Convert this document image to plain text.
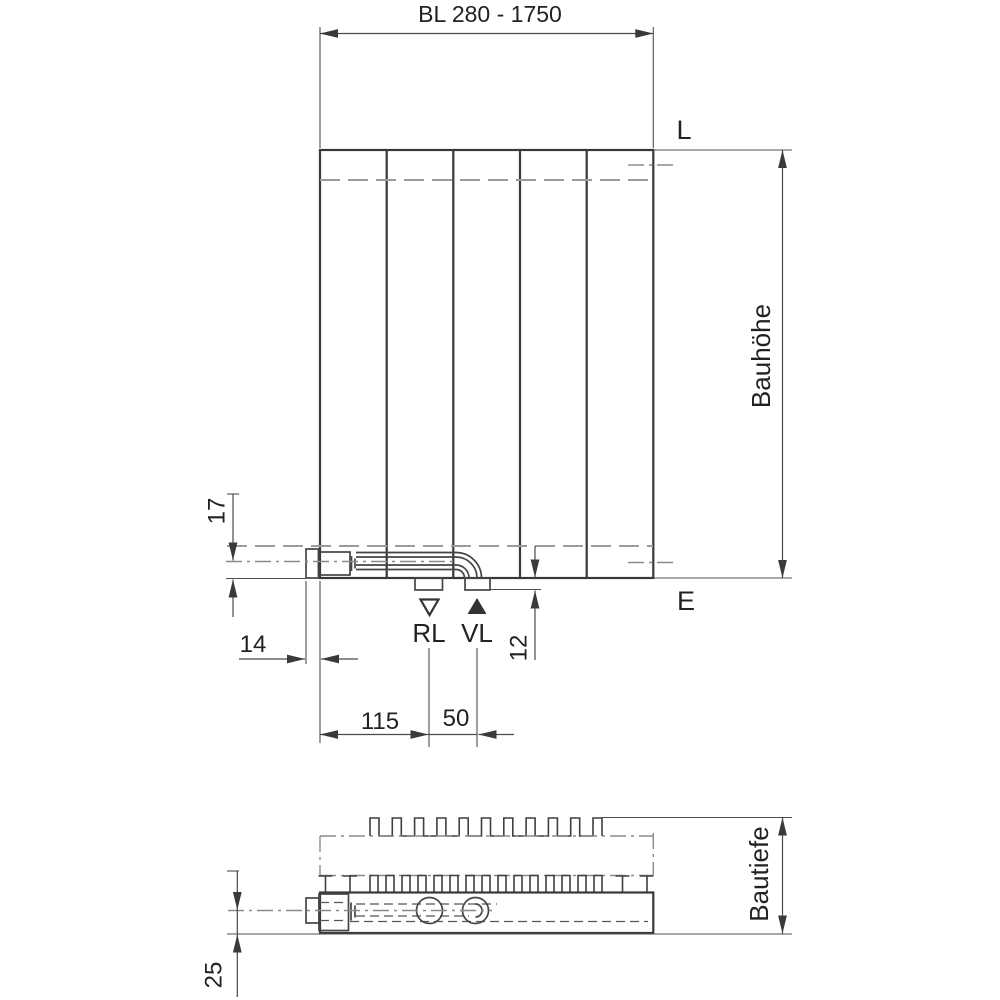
BL 280 - 1750
Bauhöhe
L
E
17
14	12
RL VL
115 50
25
Bautiefe
